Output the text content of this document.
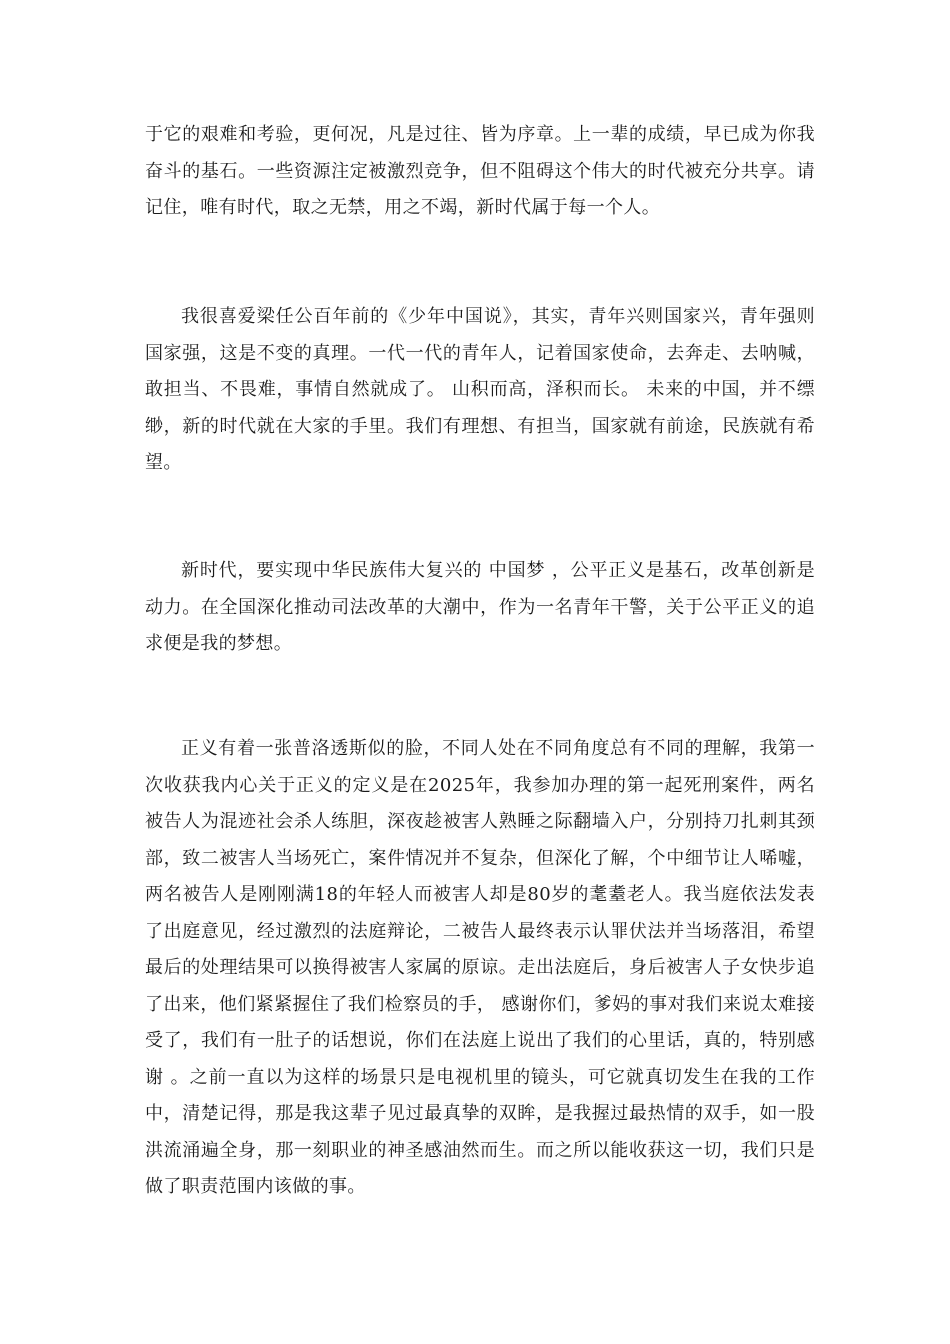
于它的艰难和考验，更何况，凡是过往、皆为序章。上一辈的成绩，早已成为你我奋斗的基石。一些资源注定被激烈竞争，但不阻碍这个伟大的时代被充分共享。请记住，唯有时代，取之无禁，用之不竭，新时代属于每一个人。

我很喜爱梁任公百年前的《少年中国说》，其实，青年兴则国家兴，青年强则国家强，这是不变的真理。一代一代的青年人，记着国家使命，去奔走、去呐喊，敢担当、不畏难，事情自然就成了。 山积而高，泽积而长。 未来的中国，并不缥缈，新的时代就在大家的手里。我们有理想、有担当，国家就有前途，民族就有希望。

新时代，要实现中华民族伟大复兴的 中国梦 ，公平正义是基石，改革创新是动力。在全国深化推动司法改革的大潮中，作为一名青年干警，关于公平正义的追求便是我的梦想。

正义有着一张普洛透斯似的脸，不同人处在不同角度总有不同的理解，我第一次收获我内心关于正义的定义是在2025年，我参加办理的第一起死刑案件，两名被告人为混迹社会杀人练胆，深夜趁被害人熟睡之际翻墙入户，分别持刀扎刺其颈部，致二被害人当场死亡，案件情况并不复杂，但深化了解，个中细节让人唏嘘，两名被告人是刚刚满18的年轻人而被害人却是80岁的耄耋老人。我当庭依法发表了出庭意见，经过激烈的法庭辩论，二被告人最终表示认罪伏法并当场落泪，希望最后的处理结果可以换得被害人家属的原谅。走出法庭后，身后被害人子女快步追了出来，他们紧紧握住了我们检察员的手， 感谢你们，爹妈的事对我们来说太难接受了，我们有一肚子的话想说，你们在法庭上说出了我们的心里话，真的，特别感谢 。之前一直以为这样的场景只是电视机里的镜头，可它就真切发生在我的工作中，清楚记得，那是我这辈子见过最真挚的双眸，是我握过最热情的双手，如一股洪流涌遍全身，那一刻职业的神圣感油然而生。而之所以能收获这一切，我们只是做了职责范围内该做的事。
